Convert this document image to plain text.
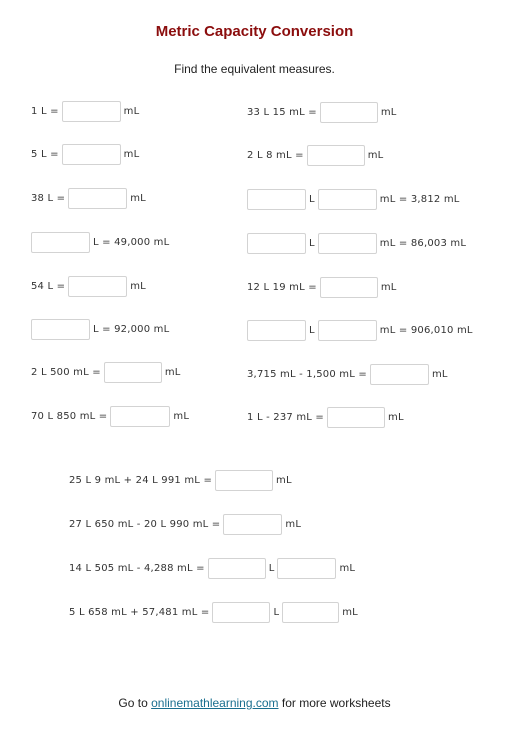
Metric Capacity Conversion
Find the equivalent measures.
1 L =	mL	33 L 15 mL =	mL
5 L =	mL	2 L 8 mL =	mL
38 L =	mL	L	mL = 3,812 mL
L = 49,000 mL	L	mL = 86,003 mL
54 L =	mL	12 L 19 mL =	mL
L = 92,000 mL	L	mL = 906,010 mL
2 L 500 mL =	mL	3,715 mL - 1,500 mL =	mL
70 L 850 mL =	mL	1 L - 237 mL =	mL
25 L 9 mL + 24 L 991 mL =	mL
27 L 650 mL - 20 L 990 mL =	mL
14 L 505 mL - 4,288 mL =	L	mL
5 L 658 mL + 57,481 mL =	L	mL
Go to onlinemathlearning.com for more worksheets
